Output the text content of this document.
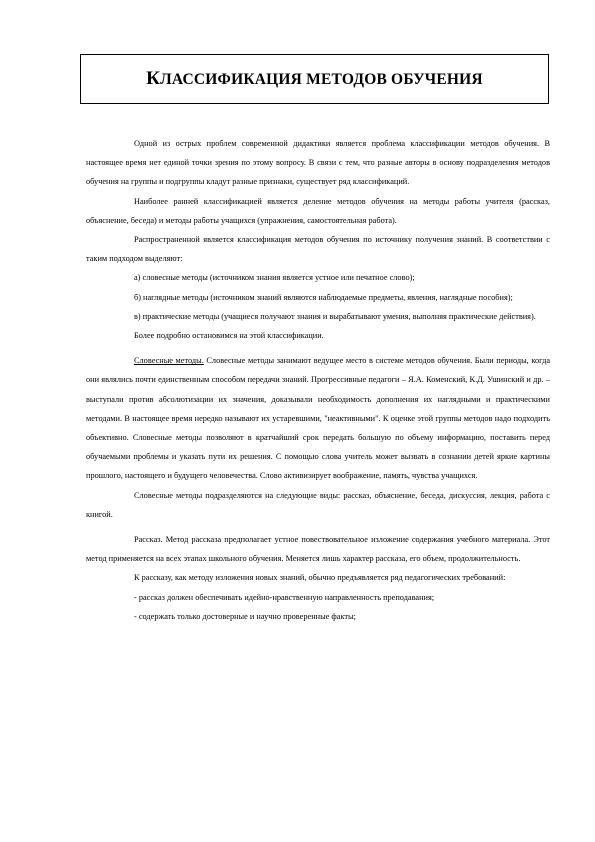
КЛАССИФИКАЦИЯ МЕТОДОВ ОБУЧЕНИЯ

Одной из острых проблем современной дидактики является проблема классификации методов обучения. В настоящее время нет единой точки зрения по этому вопросу. В связи с тем, что разные авторы в основу подразделения методов обучения на группы и подгруппы кладут разные признаки, существует ряд классификаций.

Наиболее ранней классификацией является деление методов обучения на методы работы учителя (рассказ, объяснение, беседа) и методы работы учащихся (упражнения, самостоятельная работа).

Распространенной является классификация методов обучения по источнику получения знаний. В соответствии с таким подходом выделяют:

а) словесные методы (источником знания является устное или печатное слово);

б) наглядные методы (источником знаний являются наблюдаемые предметы, явления, наглядные пособия);

в) практические методы (учащиеся получают знания и вырабатывают умения, выполняя практические действия).

Более подробно остановимся на этой классификации.

Словесные методы. Словесные методы занимают ведущее место в системе методов обучения. Были периоды, когда они являлись почти единственным способом передачи знаний. Прогрессивные педагоги – Я.А. Коменский, К.Д. Ушинский и др. – выступали против абсолютизации их значения, доказывали необходимость дополнения их наглядными и практическими методами. В настоящее время нередко называют их устаревшими, "неактивными". К оценке этой группы методов надо подходить объективно. Словесные методы позволяют в кратчайший срок передать большую по объему информацию, поставить перед обучаемыми проблемы и указать пути их решения. С помощью слова учитель может вызвать в сознании детей яркие картины прошлого, настоящего и будущего человечества. Слово активизирует воображение, память, чувства учащихся.

Словесные методы подразделяются на следующие виды: рассказ, объяснение, беседа, дискуссия, лекция, работа с книгой.

Рассказ. Метод рассказа предполагает устное повествовательное изложение содержания учебного материала. Этот метод применяется на всех этапах школьного обучения. Меняется лишь характер рассказа, его объем, продолжительность.

К рассказу, как методу изложения новых знаний, обычно предъявляется ряд педагогических требований:

- рассказ должен обеспечивать идейно-нравственную направленность преподавания;

- содержать только достоверные и научно проверенные факты;
